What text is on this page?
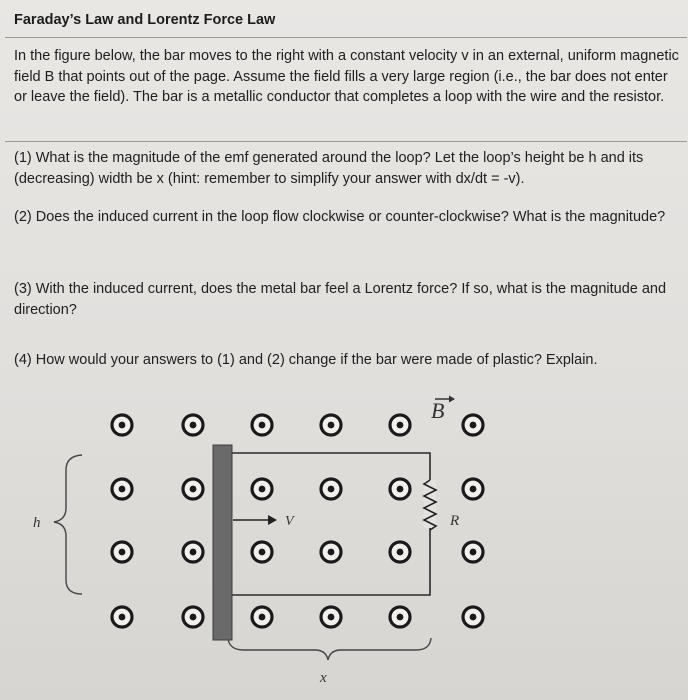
Faraday’s Law and Lorentz Force Law
In the figure below, the bar moves to the right with a constant velocity v in an external, uniform magnetic field B that points out of the page. Assume the field fills a very large region (i.e., the bar does not enter or leave the field). The bar is a metallic conductor that completes a loop with the wire and the resistor.
(1) What is the magnitude of the emf generated around the loop? Let the loop’s height be h and its (decreasing) width be x (hint: remember to simplify your answer with dx/dt = -v).
(2) Does the induced current in the loop flow clockwise or counter-clockwise? What is the magnitude?
(3) With the induced current, does the metal bar feel a Lorentz force? If so, what is the magnitude and direction?
(4) How would your answers to (1) and (2) change if the bar were made of plastic? Explain.
R
h
x
V
B
